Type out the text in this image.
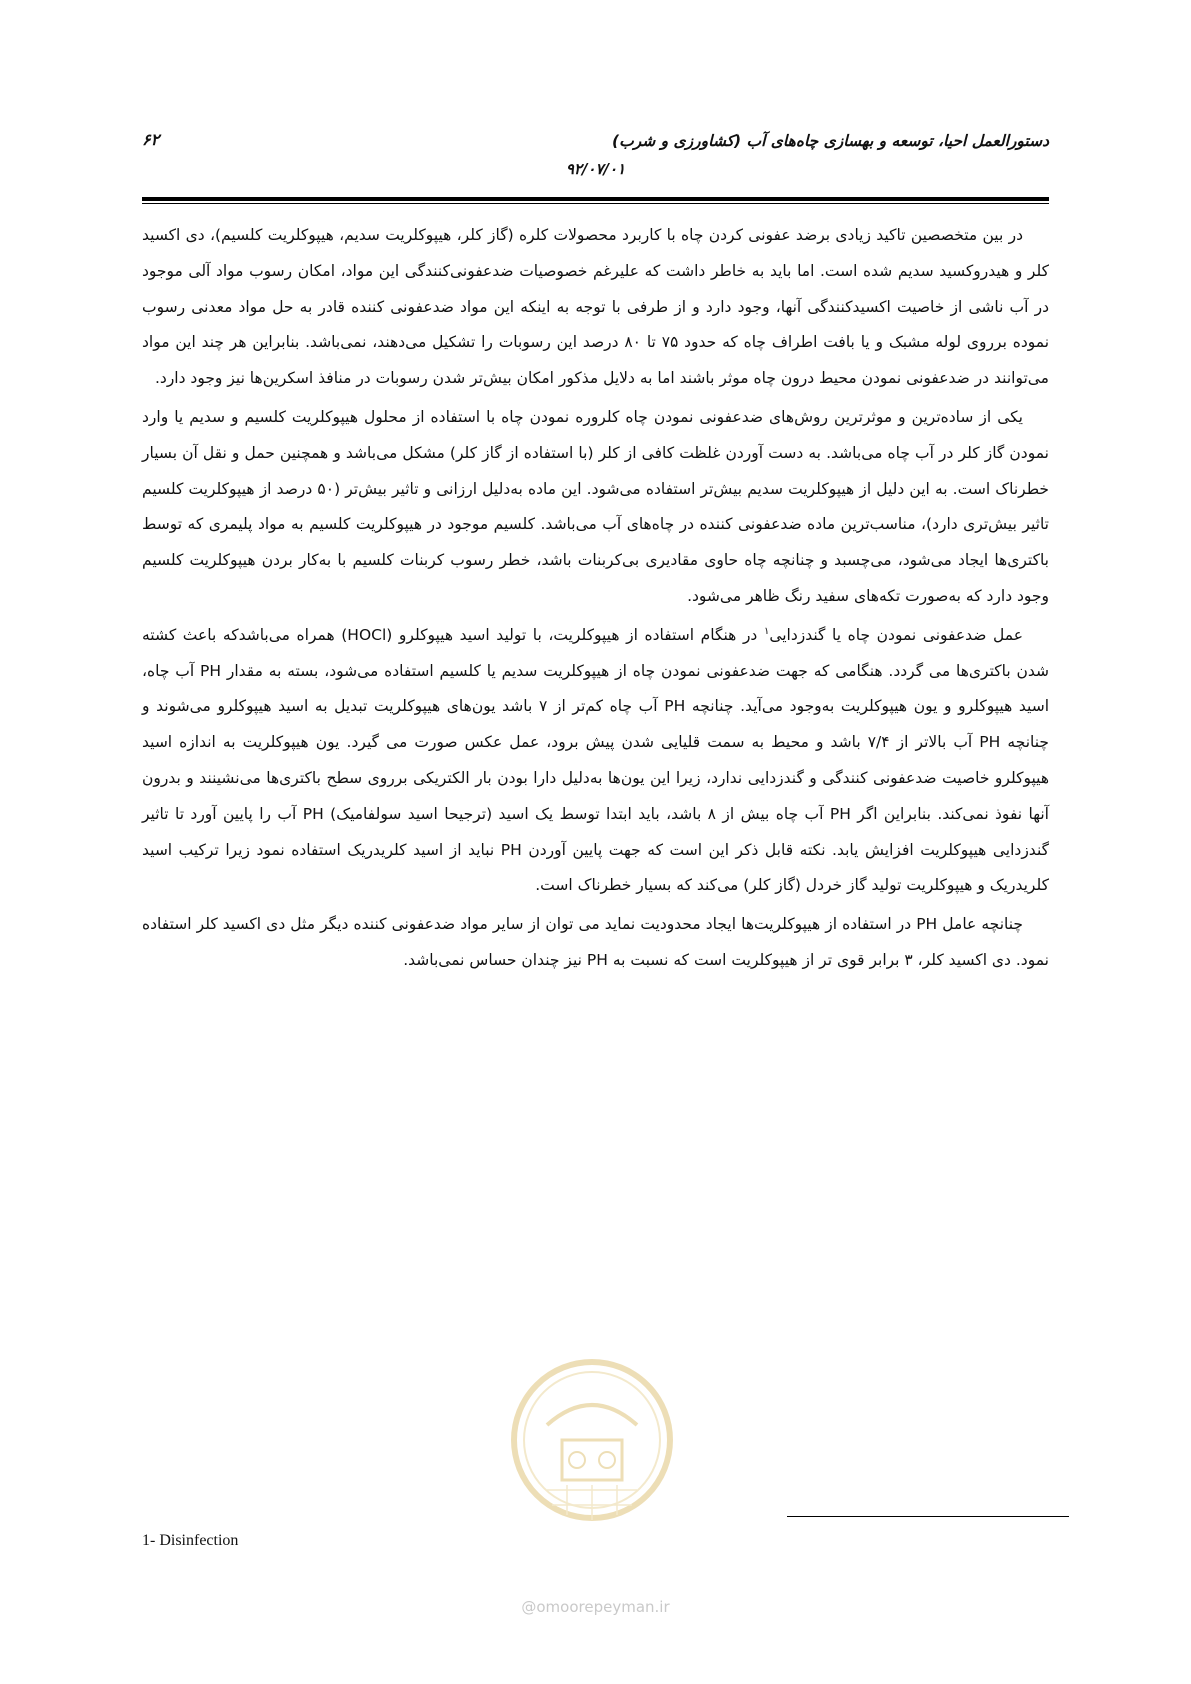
دستورالعمل احیا، توسعه و بهسازی چاه‌های آب (کشاورزی و شرب)
۶۲
۹۲/۰۷/۰۱

در بین متخصصین تاکید زیادی برضد عفونی کردن چاه با کاربرد محصولات کلره (گاز کلر، هیپوکلریت سدیم، هیپوکلریت کلسیم)، دی اکسید کلر و هیدروکسید سدیم شده است. اما باید به خاطر داشت که علیرغم خصوصیات ضدعفونی‌کنندگی این مواد، امکان رسوب مواد آلی موجود در آب ناشی از خاصیت اکسیدکنندگی آنها، وجود دارد و از طرفی با توجه به اینکه این مواد ضدعفونی کننده قادر به حل مواد معدنی رسوب نموده برروی لوله مشبک و یا بافت اطراف چاه که حدود ۷۵ تا ۸۰ درصد این رسوبات را تشکیل می‌دهند، نمی‌باشد. بنابراین هر چند این مواد می‌توانند در ضدعفونی نمودن محیط درون چاه موثر باشند اما به دلایل مذکور امکان بیش‌تر شدن رسوبات در منافذ اسکرین‌ها نیز وجود دارد.

یکی از ساده‌ترین و موثرترین روش‌های ضدعفونی نمودن چاه کلروره نمودن چاه با استفاده از محلول هیپوکلریت کلسیم و سدیم یا وارد نمودن گاز کلر در آب چاه می‌باشد. به دست آوردن غلظت کافی از کلر (با استفاده از گاز کلر) مشکل می‌باشد و همچنین حمل و نقل آن بسیار خطرناک است. به این دلیل از هیپوکلریت سدیم بیش‌تر استفاده می‌شود. این ماده به‌دلیل ارزانی و تاثیر بیش‌تر (۵۰ درصد از هیپوکلریت کلسیم تاثیر بیش‌تری دارد)، مناسب‌ترین ماده ضدعفونی کننده در چاه‌های آب می‌باشد. کلسیم موجود در هیپوکلریت کلسیم به مواد پلیمری که توسط باکتری‌ها ایجاد می‌شود، می‌چسبد و چنانچه چاه حاوی مقادیری بی‌کربنات باشد، خطر رسوب کربنات کلسیم با به‌کار بردن هیپوکلریت کلسیم وجود دارد که به‌صورت تکه‌های سفید رنگ ظاهر می‌شود.

عمل ضدعفونی نمودن چاه یا گندزدایی$^۱$ در هنگام استفاده از هیپوکلریت، با تولید اسید هیپوکلرو (HOCl) همراه می‌باشدکه باعث کشته شدن باکتری‌ها می گردد. هنگامی که جهت ضدعفونی نمودن چاه از هیپوکلریت سدیم یا کلسیم استفاده می‌شود، بسته به مقدار PH آب چاه، اسید هیپوکلرو و یون هیپوکلریت به‌وجود می‌آید. چنانچه PH آب چاه کم‌تر از ۷ باشد یون‌های هیپوکلریت تبدیل به اسید هیپوکلرو می‌شوند و چنانچه PH آب بالاتر از ۷/۴ باشد و محیط به سمت قلیایی شدن پیش برود، عمل عکس صورت می گیرد. یون هیپوکلریت به اندازه اسید هیپوکلرو خاصیت ضدعفونی کنندگی و گندزدایی ندارد، زیرا این یون‌ها به‌دلیل دارا بودن بار الکتریکی برروی سطح باکتری‌ها می‌نشینند و بدرون آنها نفوذ نمی‌کند. بنابراین اگر PH آب چاه بیش از ۸ باشد، باید ابتدا توسط یک اسید (ترجیحا اسید سولفامیک) PH آب را پایین آورد تا تاثیر گندزدایی هیپوکلریت افزایش یابد. نکته قابل ذکر این است که جهت پایین آوردن PH نباید از اسید کلریدریک استفاده نمود زیرا ترکیب اسید کلریدریک و هیپوکلریت تولید گاز خردل (گاز کلر) می‌کند که بسیار خطرناک است.

چنانچه عامل PH در استفاده از هیپوکلریت‌ها ایجاد محدودیت نماید می توان از سایر مواد ضدعفونی کننده دیگر مثل دی اکسید کلر استفاده نمود. دی اکسید کلر، ۳ برابر قوی تر از هیپوکلریت است که نسبت به PH نیز چندان حساس نمی‌باشد.

@omoorepeyman.ir
1- Disinfection
